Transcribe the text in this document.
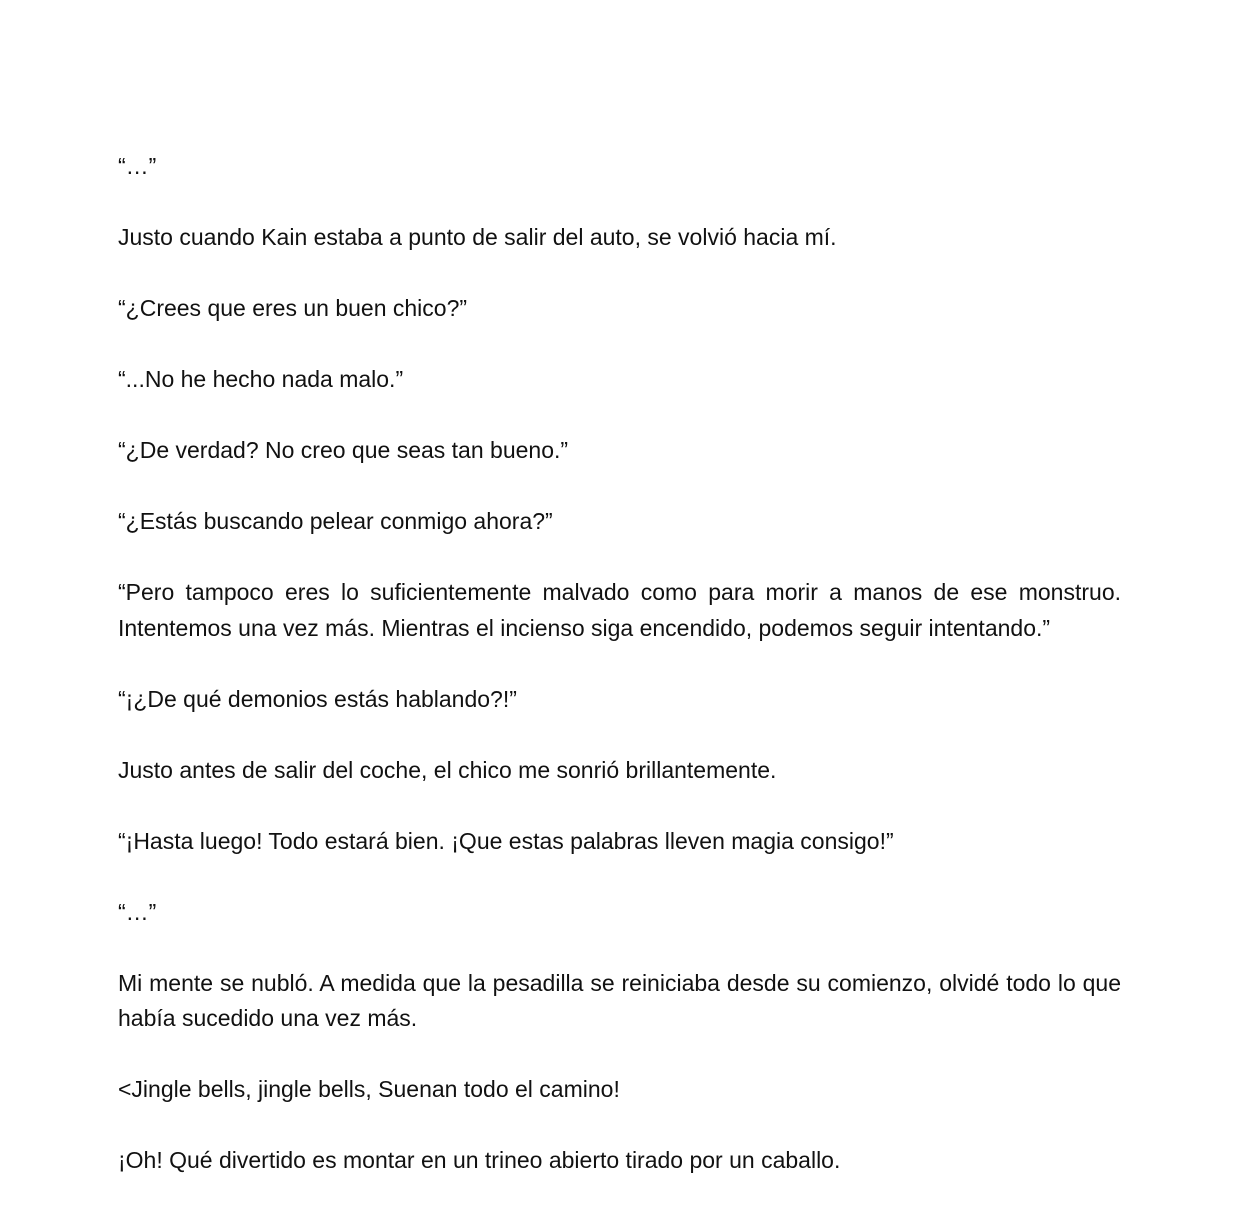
“…”

Justo cuando Kain estaba a punto de salir del auto, se volvió hacia mí.

“¿Crees que eres un buen chico?”

“...No he hecho nada malo.”

“¿De verdad? No creo que seas tan bueno.”

“¿Estás buscando pelear conmigo ahora?”

“Pero tampoco eres lo suficientemente malvado como para morir a manos de ese monstruo. Intentemos una vez más. Mientras el incienso siga encendido, podemos seguir intentando.”

“¡¿De qué demonios estás hablando?!”

Justo antes de salir del coche, el chico me sonrió brillantemente.

“¡Hasta luego! Todo estará bien. ¡Que estas palabras lleven magia consigo!”

“…”

Mi mente se nubló. A medida que la pesadilla se reiniciaba desde su comienzo, olvidé todo lo que había sucedido una vez más.

<Jingle bells, jingle bells, Suenan todo el camino!

¡Oh! Qué divertido es montar en un trineo abierto tirado por un caballo.
